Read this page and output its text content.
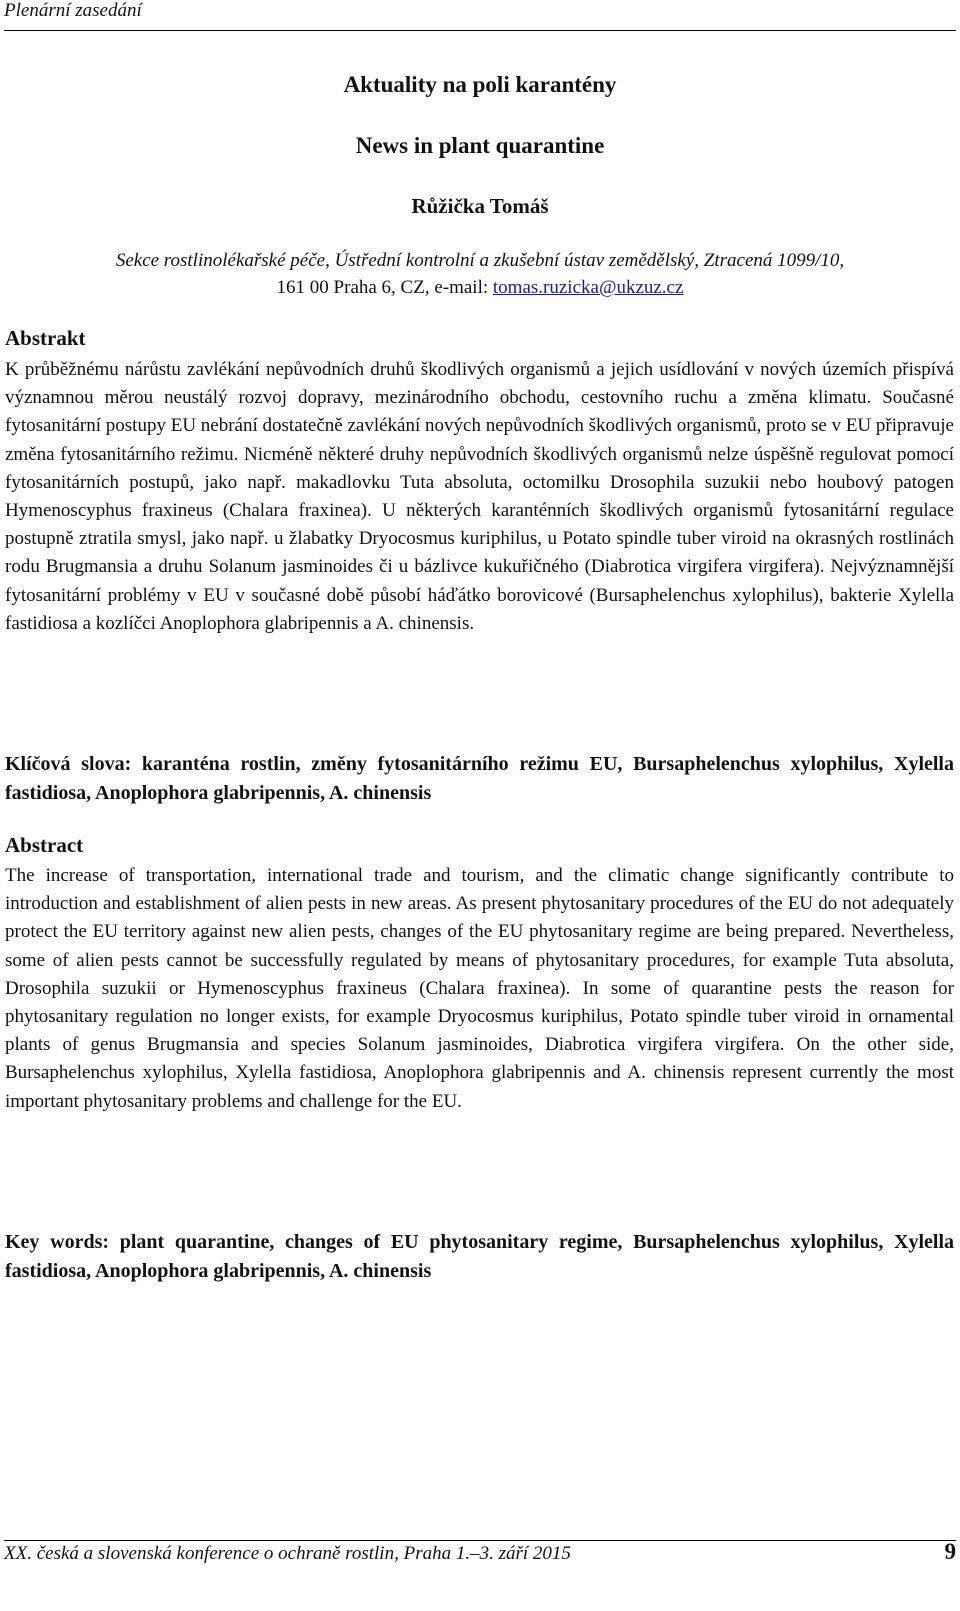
Plenární zasedání
Aktuality na poli karantény
News in plant quarantine
Růžička Tomáš
Sekce rostlinolékařské péče, Ústřední kontrolní a zkušební ústav zemědělský, Ztracená 1099/10,
161 00 Praha 6, CZ, e-mail: tomas.ruzicka@ukzuz.cz
Abstrakt
K průběžnému nárůstu zavlékání nepůvodních druhů škodlivých organismů a jejich usídlování v nových územích přispívá významnou měrou neustálý rozvoj dopravy, mezinárodního obchodu, cestovního ruchu a změna klimatu. Současné fytosanitární postupy EU nebrání dostatečně zavlékání nových nepůvodních škodlivých organismů, proto se v EU připravuje změna fytosanitárního režimu. Nicméně některé druhy nepůvodních škodlivých organismů nelze úspěšně regulovat pomocí fytosanitárních postupů, jako např. makadlovku Tuta absoluta, octomilku Drosophila suzukii nebo houbový patogen Hymenoscyphus fraxineus (Chalara fraxinea). U některých karanténních škodlivých organismů fytosanitární regulace postupně ztratila smysl, jako např. u žlabatky Dryocosmus kuriphilus, u Potato spindle tuber viroid na okrasných rostlinách rodu Brugmansia a druhu Solanum jasminoides či u bázlivce kukuřičného (Diabrotica virgifera virgifera). Nejvýznamnější fytosanitární problémy v EU v současné době působí háďátko borovicové (Bursaphelenchus xylophilus), bakterie Xylella fastidiosa a kozlíčci Anoplophora glabripennis a A. chinensis.
Klíčová slova: karanténa rostlin, změny fytosanitárního režimu EU, Bursaphelenchus xylophilus, Xylella fastidiosa, Anoplophora glabripennis, A. chinensis
Abstract
The increase of transportation, international trade and tourism, and the climatic change significantly contribute to introduction and establishment of alien pests in new areas. As present phytosanitary procedures of the EU do not adequately protect the EU territory against new alien pests, changes of the EU phytosanitary regime are being prepared. Nevertheless, some of alien pests cannot be successfully regulated by means of phytosanitary procedures, for example Tuta absoluta, Drosophila suzukii or Hymenoscyphus fraxineus (Chalara fraxinea). In some of quarantine pests the reason for phytosanitary regulation no longer exists, for example Dryocosmus kuriphilus, Potato spindle tuber viroid in ornamental plants of genus Brugmansia and species Solanum jasminoides, Diabrotica virgifera virgifera. On the other side, Bursaphelenchus xylophilus, Xylella fastidiosa, Anoplophora glabripennis and A. chinensis represent currently the most important phytosanitary problems and challenge for the EU.
Key words: plant quarantine, changes of EU phytosanitary regime, Bursaphelenchus xylophilus, Xylella fastidiosa, Anoplophora glabripennis, A. chinensis
XX. česká a slovenská konference o ochraně rostlin, Praha 1.–3. září 2015	9
